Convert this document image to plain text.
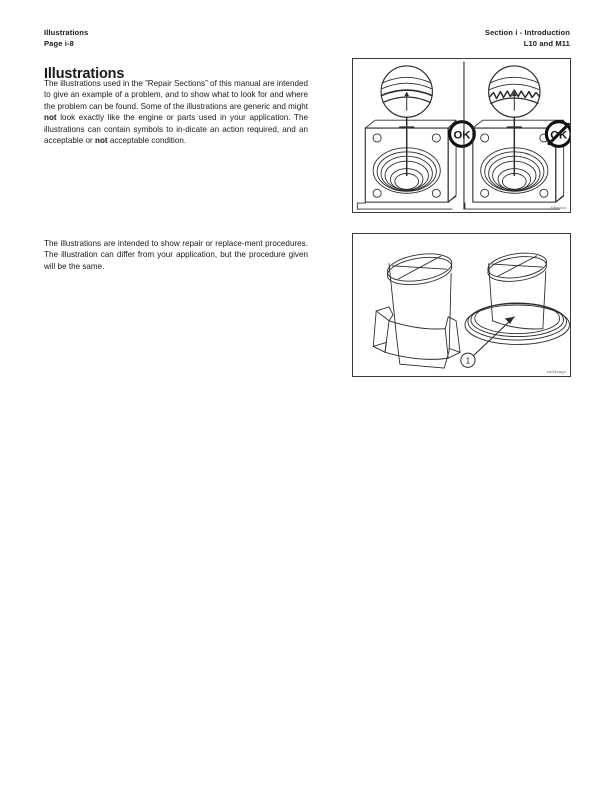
Illustrations
Page i-8
Section i - Introduction
L10 and M11
Illustrations

The illustrations used in the ”Repair Sections” of this manual are intended to give an example of a problem, and to show what to look for and where the problem can be found. Some of the illustrations are generic and might not look exactly like the engine or parts used in your application. The illustrations can contain symbols to in-dicate an action required, and an acceptable or not acceptable condition.

The illustrations are intended to show repair or replace-ment procedures. The illustration can differ from your application, but the procedure given will be the same.

OK	OK
tl9aooa
1
ca04vagc
